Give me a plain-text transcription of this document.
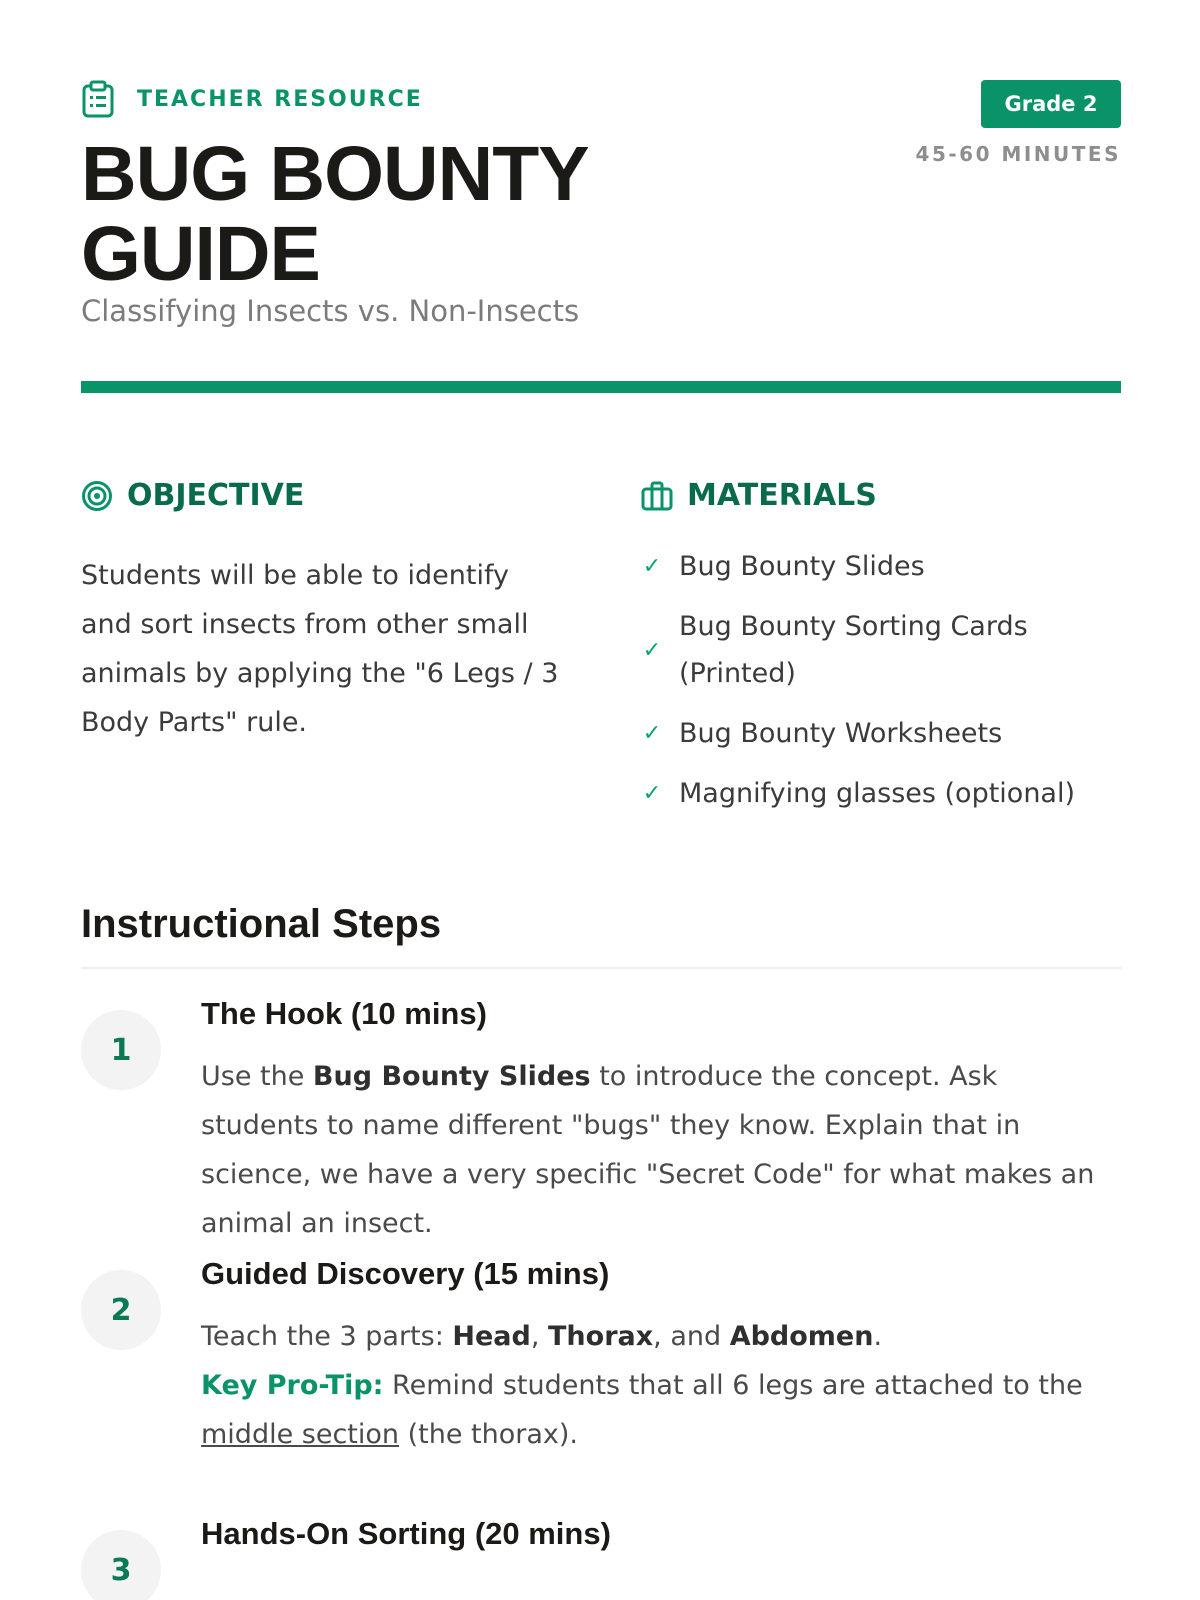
TEACHER RESOURCE
BUG BOUNTY
GUIDE
Classifying Insects vs. Non-Insects
Grade 2
45-60 MINUTES
OBJECTIVE

Students will be able to identify and sort insects from other small animals by applying the "6 Legs / 3 Body Parts" rule.

MATERIALS
✓ Bug Bounty Slides
✓
Bug Bounty Sorting Cards (Printed)
✓ Bug Bounty Worksheets
✓ Magnifying glasses (optional)
Instructional Steps
1
The Hook (10 mins)

Use the Bug Bounty Slides to introduce the concept. Ask students to name different "bugs" they know. Explain that in science, we have a very specific "Secret Code" for what makes an animal an insect.

2
Guided Discovery (15 mins)

Teach the 3 parts: Head, Thorax, and Abdomen.
Key Pro-Tip: Remind students that all 6 legs are attached to the middle section (the thorax).

3
Hands-On Sorting (20 mins)
